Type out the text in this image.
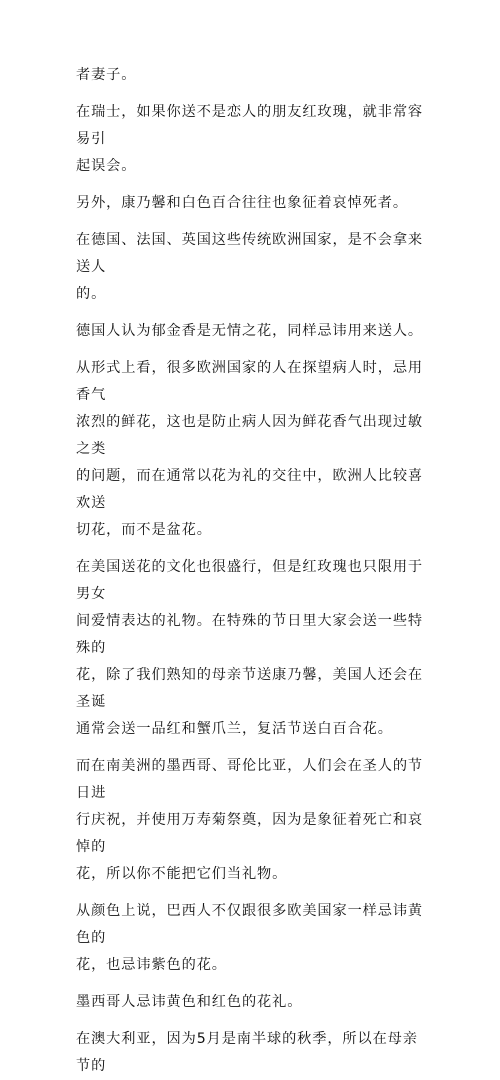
者妻子。

在瑞士，如果你送不是恋人的朋友红玫瑰，就非常容易引
起误会。

另外，康乃馨和白色百合往往也象征着哀悼死者。

在德国、法国、英国这些传统欧洲国家，是不会拿来送人
的。

德国人认为郁金香是无情之花，同样忌讳用来送人。

从形式上看，很多欧洲国家的人在探望病人时，忌用香气
浓烈的鲜花，这也是防止病人因为鲜花香气出现过敏之类
的问题，而在通常以花为礼的交往中，欧洲人比较喜欢送
切花，而不是盆花。

在美国送花的文化也很盛行，但是红玫瑰也只限用于男女
间爱情表达的礼物。在特殊的节日里大家会送一些特殊的
花，除了我们熟知的母亲节送康乃馨，美国人还会在圣诞
通常会送一品红和蟹爪兰，复活节送白百合花。

而在南美洲的墨西哥、哥伦比亚，人们会在圣人的节日进
行庆祝，并使用万寿菊祭奠，因为是象征着死亡和哀悼的
花，所以你不能把它们当礼物。

从颜色上说，巴西人不仅跟很多欧美国家一样忌讳黄色的
花，也忌讳紫色的花。

墨西哥人忌讳黄色和红色的花礼。

在澳大利亚，因为5月是南半球的秋季，所以在母亲节的
